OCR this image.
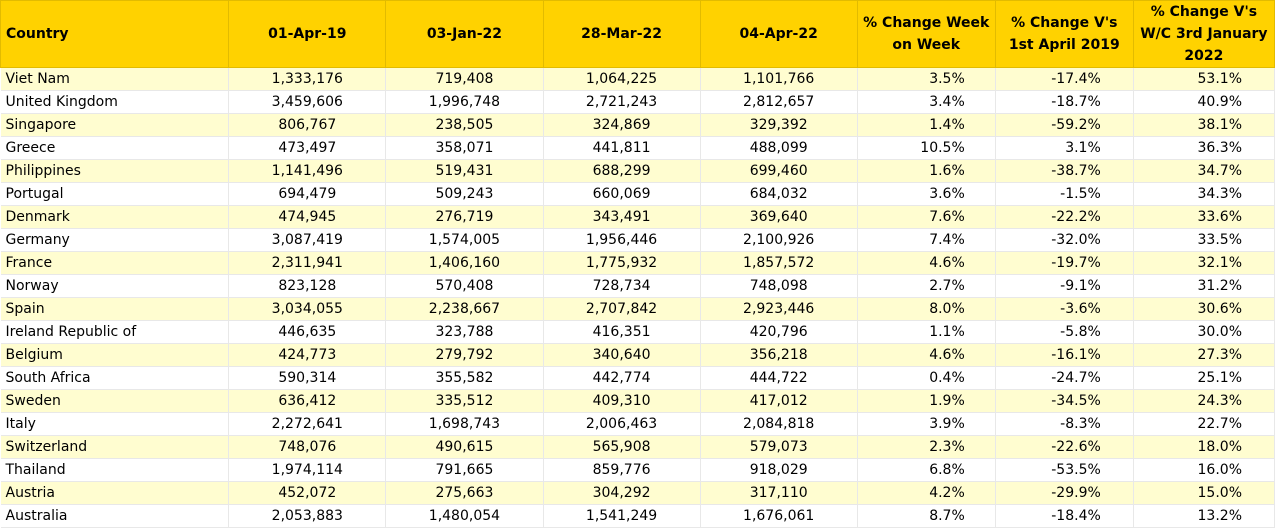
Country	01-Apr-19	03-Jan-22	28-Mar-22	04-Apr-22	% Change Week on Week	% Change V's 1st April 2019	% Change V's W/C 3rd January 2022
Viet Nam	1,333,176	719,408	1,064,225	1,101,766	3.5%	-17.4%	53.1%
United Kingdom	3,459,606	1,996,748	2,721,243	2,812,657	3.4%	-18.7%	40.9%
Singapore	806,767	238,505	324,869	329,392	1.4%	-59.2%	38.1%
Greece	473,497	358,071	441,811	488,099	10.5%	3.1%	36.3%
Philippines	1,141,496	519,431	688,299	699,460	1.6%	-38.7%	34.7%
Portugal	694,479	509,243	660,069	684,032	3.6%	-1.5%	34.3%
Denmark	474,945	276,719	343,491	369,640	7.6%	-22.2%	33.6%
Germany	3,087,419	1,574,005	1,956,446	2,100,926	7.4%	-32.0%	33.5%
France	2,311,941	1,406,160	1,775,932	1,857,572	4.6%	-19.7%	32.1%
Norway	823,128	570,408	728,734	748,098	2.7%	-9.1%	31.2%
Spain	3,034,055	2,238,667	2,707,842	2,923,446	8.0%	-3.6%	30.6%
Ireland Republic of	446,635	323,788	416,351	420,796	1.1%	-5.8%	30.0%
Belgium	424,773	279,792	340,640	356,218	4.6%	-16.1%	27.3%
South Africa	590,314	355,582	442,774	444,722	0.4%	-24.7%	25.1%
Sweden	636,412	335,512	409,310	417,012	1.9%	-34.5%	24.3%
Italy	2,272,641	1,698,743	2,006,463	2,084,818	3.9%	-8.3%	22.7%
Switzerland	748,076	490,615	565,908	579,073	2.3%	-22.6%	18.0%
Thailand	1,974,114	791,665	859,776	918,029	6.8%	-53.5%	16.0%
Austria	452,072	275,663	304,292	317,110	4.2%	-29.9%	15.0%
Australia	2,053,883	1,480,054	1,541,249	1,676,061	8.7%	-18.4%	13.2%
